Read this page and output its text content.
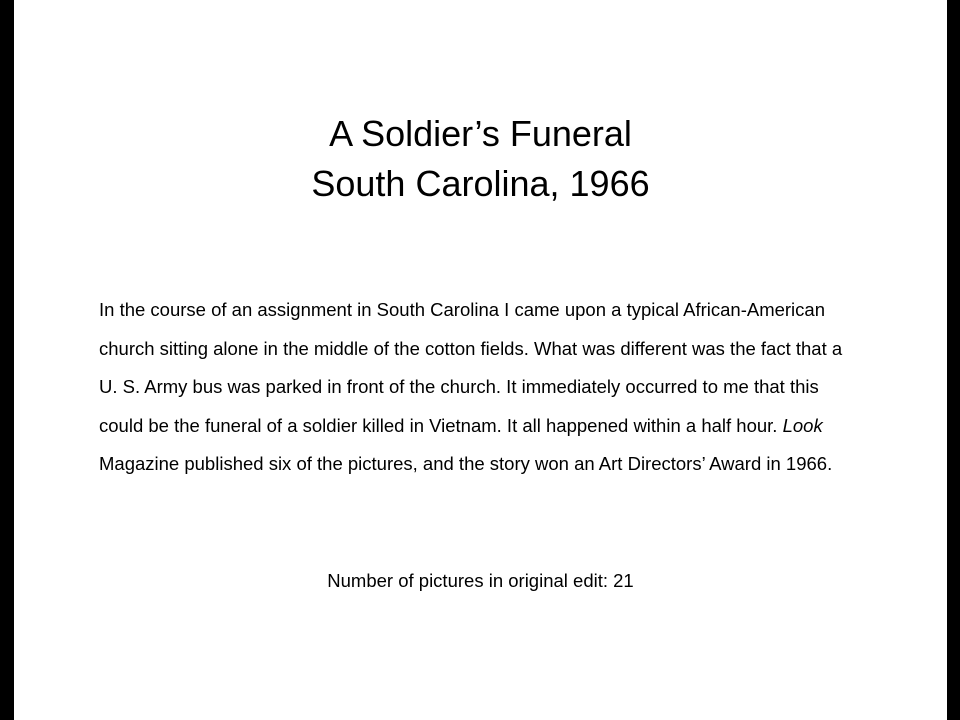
A Soldier’s Funeral
South Carolina, 1966

In the course of an assignment in South Carolina I came upon a typical African-American church sitting alone in the middle of the cotton fields. What was different was the fact that a U. S. Army bus was parked in front of the church. It immediately occurred to me that this could be the funeral of a soldier killed in Vietnam. It all happened within a half hour. Look Magazine published six of the pictures, and the story won an Art Directors’ Award in 1966.

Number of pictures in original edit: 21
